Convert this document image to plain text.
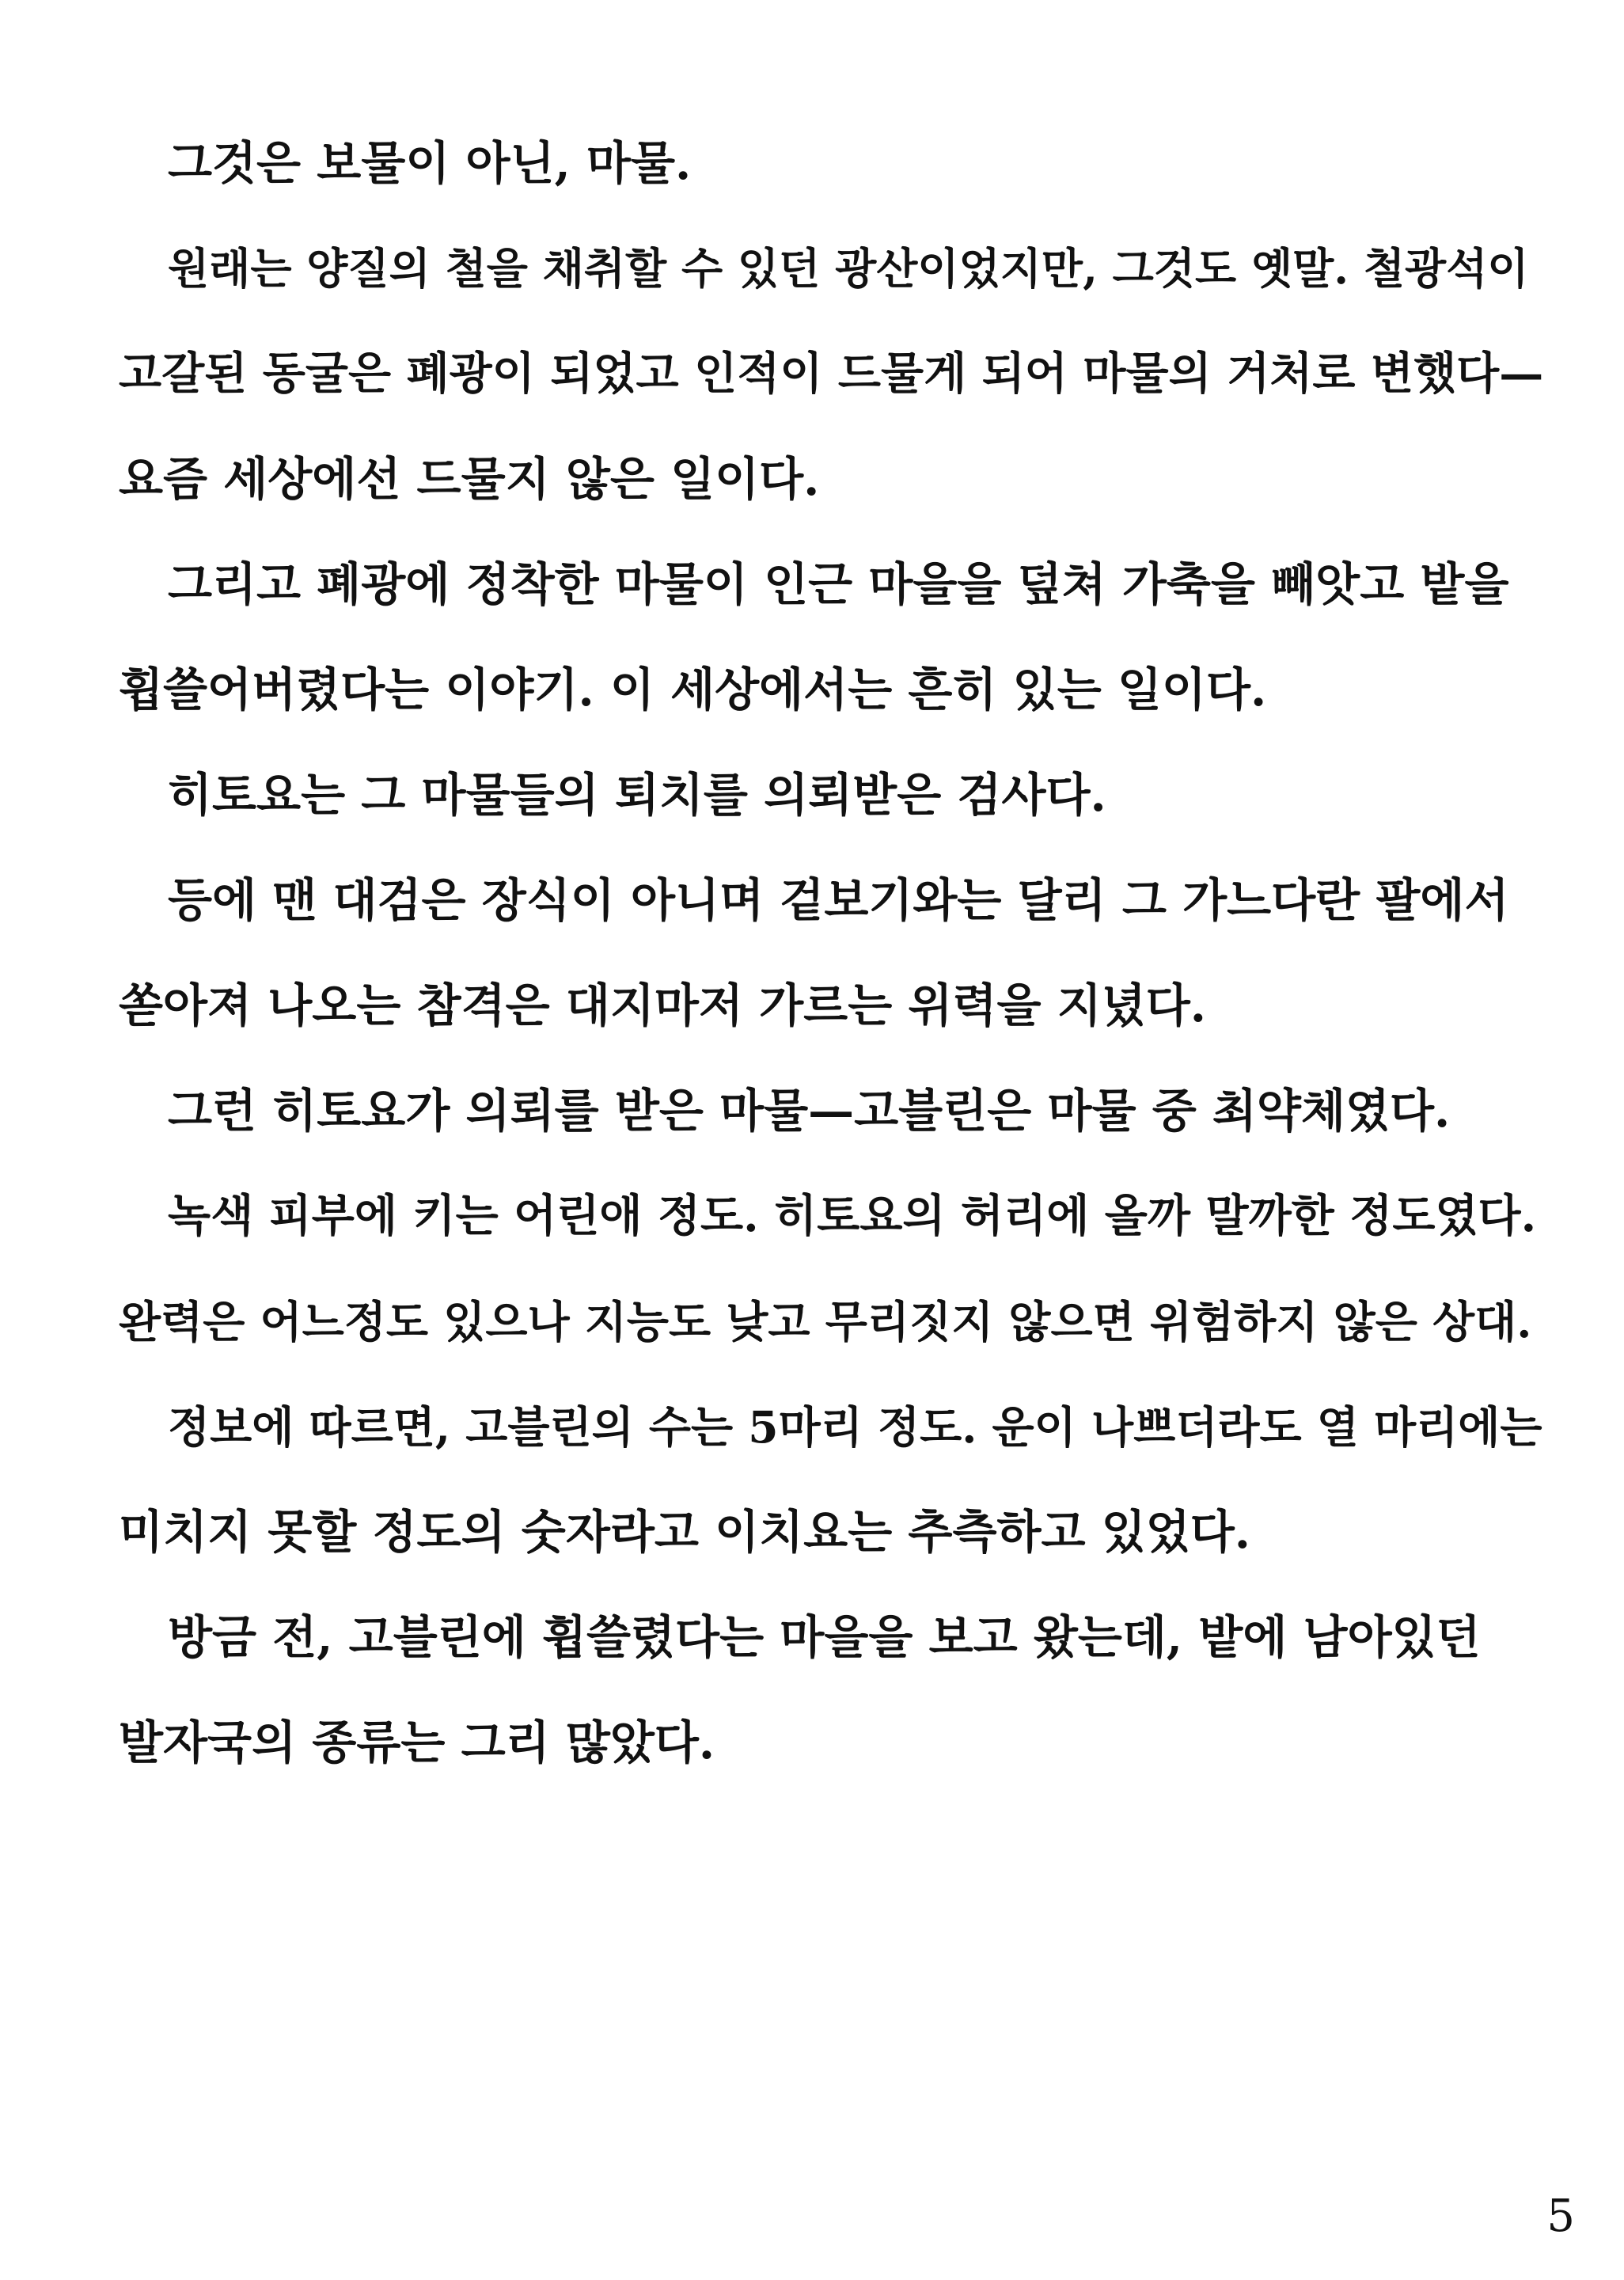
그것은 보물이 아닌, 마물.
원래는 양질의 철을 채취할 수 있던 광산이었지만, 그것도 옛말. 철광석이
고갈된 동굴은 폐광이 되었고 인적이 드물게 되어 마물의 거처로 변했다—
요즘 세상에선 드물지 않은 일이다.
그리고 폐광에 정착한 마물이 인근 마을을 덮쳐 가축을 빼앗고 밭을
휩쓸어버렸다는 이야기. 이 세상에서는 흔히 있는 일이다.
히토요는 그 마물들의 퇴치를 의뢰받은 검사다.
등에 맨 대검은 장식이 아니며 겉보기와는 달리 그 가느다란 팔에서
쏟아져 나오는 참격은 대지마저 가르는 위력을 지녔다.
그런 히토요가 의뢰를 받은 마물—고블린은 마물 중 최약체였다.
녹색 피부에 키는 어린애 정도. 히토요의 허리에 올까 말까한 정도였다.
완력은 어느정도 있으나 지능도 낮고 무리짓지 않으면 위험하지 않은 상대.
정보에 따르면, 고블린의 수는 5마리 정도. 운이 나쁘더라도 열 마리에는
미치지 못할 정도의 숫자라고 이치요는 추측하고 있었다.
방금 전, 고블린에 휩쓸렸다는 마을을 보고 왔는데, 밭에 남아있던
발자국의 종류는 그리 많았다.
5
